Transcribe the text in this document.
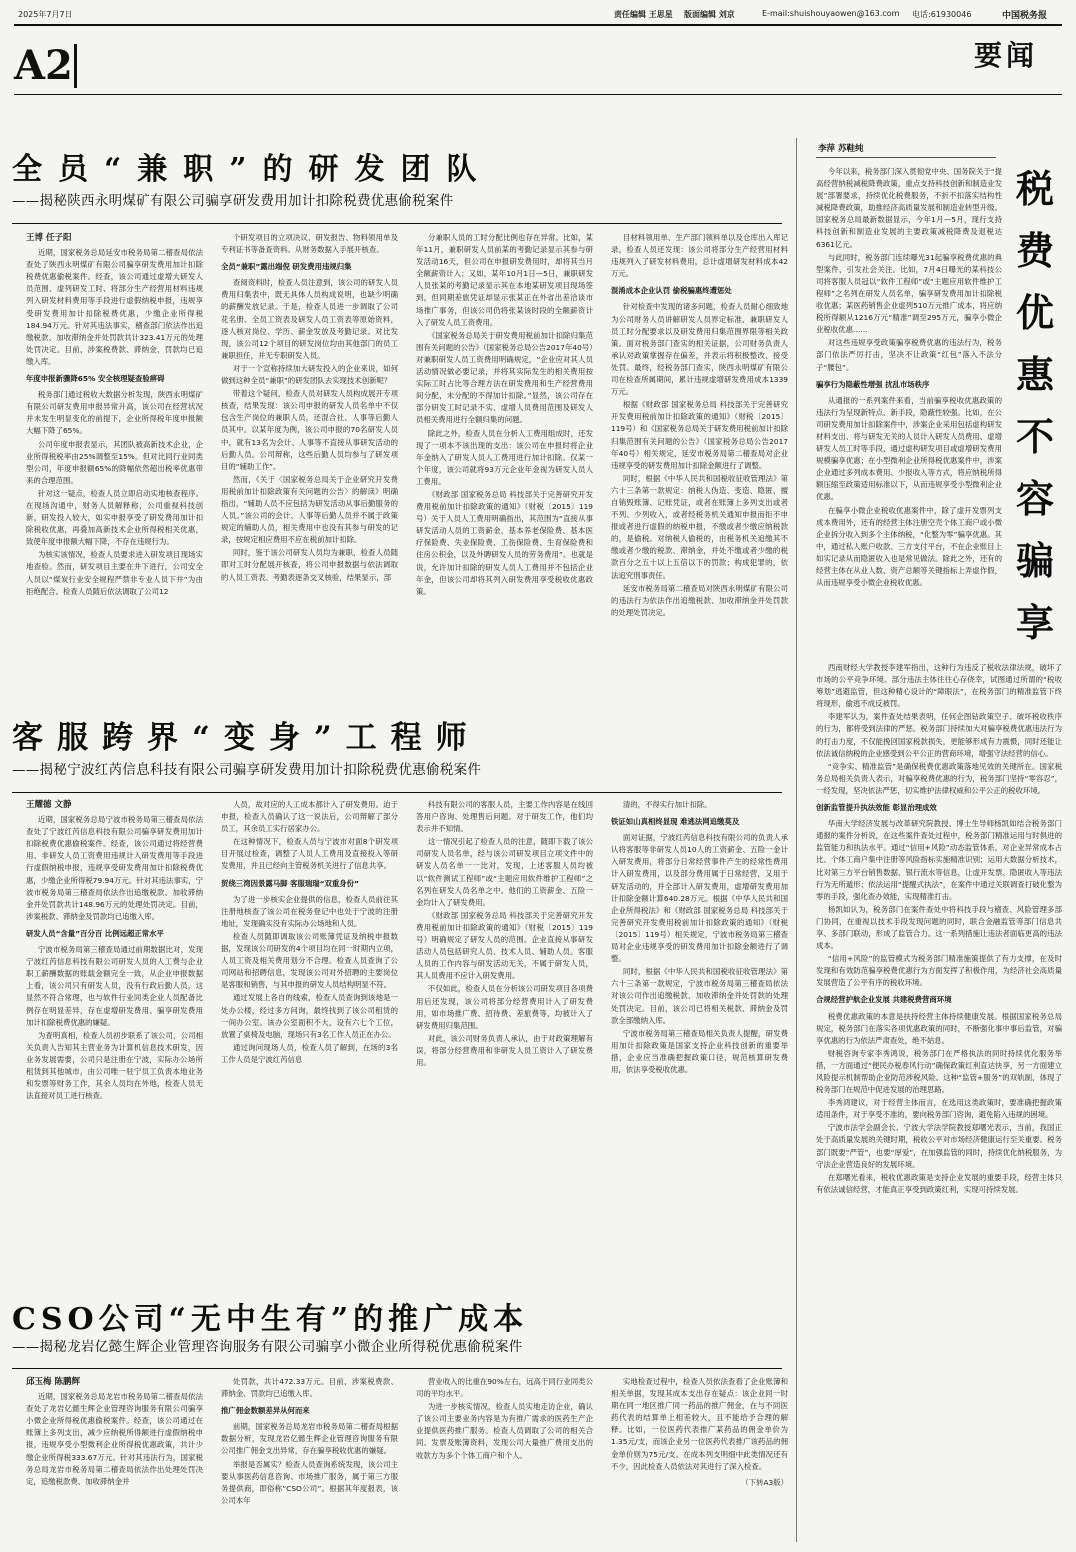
2025年7月7日	责任编辑 王思星 版面编辑 刘京	E-mail:shuishouyaowen@163.com 电话:61930046	中国税务报
A2	要闻
全员“兼职”的研发团队
——揭秘陕西永明煤矿有限公司骗享研发费用加计扣除税费优惠偷税案件
王博 任子阳

近期，国家税务总局延安市税务局第二稽查局依法查处了陕西永明煤矿有限公司骗享研发费用加计扣除税费优惠偷税案件。经查，该公司通过虚增大研发人员范围、虚列研发工时、将部分生产经营用材料违规列入研发材料费用等手段进行虚假纳税申报，违规享受研发费用加计扣除税费优惠，少缴企业所得税184.94万元。针对其违法事实，稽查部门依法作出追缴税款、加收滞纳金并处罚款共计323.41万元的处理处罚决定。目前，涉案税费款、滞纳金、罚款均已追缴入库。

年度申报新骤降65% 安全核理疑查验痹碍

税务部门通过税收大数据分析发现，陕西永明煤矿有限公司研发费用申报异常升高，该公司在经营状况并未发生明显变化的前提下，企业所得税年度申报额大幅下降了65%。

公司年度申报表显示，其团队被高新技术企业，企业所得税税率由25%调整至15%。但对比同行业同类型公司，年度申报额65%的降幅依然超出税率优惠带来的合理范围。

针对这一疑点，检查人员立即启动实地核查程序。在现场沟通中，财务人员解释称，公司重视科技创新，研发投入较大，如实申报享受了研发费用加计扣除税收优惠，再叠加高新技术企业所得税相关优惠，致使年度申报额大幅下降，不存在违规行为。

为核实该情况，检查人员要求进入研发项目现场实地查验。然而，研发项目主要在井下进行，公司安全人员以“煤炭行业安全规程严禁非专业人员下井”为由拒绝配合。检查人员随后依法调取了公司12

个研发项目的立项决议、研发报告、物料领用单及专利证书等备查资料。从财务数据入手展开核查。

全员“兼职”露出端倪 研发费用违规归集

查阅资料时，检查人员注意到，该公司的研发人员费用归集表中，既无具体人员构成说明，也缺少明确的薪酬发放记录。于是，检查人员进一步调取了公司花名册、全员工资表及研发人员工资表等原始资料，逐人核对岗位、学历、薪金发放及考勤记录。对比发现，该公司12个项目的研发岗位均由其他部门的员工兼职担任，并无专职研发人员。

对于一个宣称持续加大研发投入的企业来说，如何做到这种全员“兼职”的研发团队去实现技术创新呢？

带着这个疑问，检查人员对研发人员构成展开专项核查，结果发现：该公司申报的研发人员名单中不仅包含生产岗位的兼职人员，还混合社、人事等后勤人员其中。以某年度为例，该公司申报的70名研发人员中，就有13名为会计、人事等不直接从事研发活动的后勤人员。公司辩称，这些后勤人员均参与了研发项目的“辅助工作”。

然而，《关于〈国家税务总局关于企业研究开发费用税前加计扣除政策有关问题的公告〉的解读》明确指出，“辅助人员不应包括为研发活动从事后勤服务的人员。”该公司的会计、人事等后勤人员并不属于政策规定的辅助人员，相关费用中也没有其参与研发的记录，按规定相应费用不应在税前加计扣除。

同时，鉴于该公司研发人员均为兼职，检查人员随即对工时分配展开核查，将公司申报数据与依法调取的人员工资表、考勤表逐条交叉核验，结果显示，部

分兼职人员的工时分配比例也存在异常。比如，某年11月，兼职研发人员前某的考勤记录显示其参与研发活动16天，但公司在申报研发费用时，却将其当月全额薪资计入；又如，某年10月1日—5日，兼职研发人员张某的考勤记录显示其在本地某研发项目现场签到，但同期差旅凭证却显示张某正在外省出差洽谈市场推广事务，但该公司仍将张某该时段的全额薪资计入了研发人员工资费用。

《国家税务总局关于研发费用税前加计扣除归集范围有关问题的公告》（国家税务总局公告2017年40号）对兼职研发人员工资费用明确规定，“企业应对其人员活动情况做必要记录，并将其实际发生的相关费用按实际工时占比等合理方法在研发费用和生产经营费用间分配，未分配的不得加计扣除。”显然，该公司存在部分研发工时记录不实、虚增人员费用范围及研发人员相关费用进行全额归集的问题。

除此之外，检查人员在分析人工费用组成时，还发现了一项本不该出现的支出：该公司在申报时将企业年金纳入了研发人员人工费用进行加计扣除。仅某一个年度，该公司就将93万元企业年金视为研发人员人工费用。

《财政部 国家税务总局 科技部关于完善研究开发费用税前加计扣除政策的通知》（财税〔2015〕119号）关于人员人工费用明确指出，其范围为“直接从事研发活动人员的工资薪金、基本养老保险费、基本医疗保险费、失业保险费、工伤保险费、生育保险费和住房公积金，以及外聘研发人员的劳务费用”。也就是说，允许加计扣除的研发人员人工费用并不包括企业年金，但该公司却将其列入研发费用享受税收优惠政策。

目材料领用单、生产部门领料单以及仓库出入库记录，检查人员还发现：该公司将部分生产经营用材料违规列入了研发材料费用，总计虚增研发材料成本42万元。

混淆成本企业认罚 偷税骗惠终遭惩处

针对检查中发现的诸多问题，检查人员耐心细致地为公司财务人员讲解研发人员界定标准、兼职研发人员工时分配要求以及研发费用归集范围界限等相关政策。面对税务部门查实的相关证据，公司财务负责人承认对政策掌握存在偏差，并表示将积极整改、接受处罚。最终，经税务部门查实，陕西永明煤矿有限公司在检查所属期间，累计违规虚增研发费用成本1339万元。

根据《财政部 国家税务总局 科技部关于完善研究开发费用税前加计扣除政策的通知》（财税〔2015〕119号）和《国家税务总局关于研发费用税前加计扣除归集范围有关问题的公告》（国家税务总局公告2017年40号）相关规定，延安市税务局第二稽查局对企业违规享受的研发费用加计扣除金额进行了调整。

同时，根据《中华人民共和国税收征收管理法》第六十三条第一款规定：纳税人伪造、变造、隐匿、擅自销毁账簿、记账凭证，或者在账簿上多列支出或者不列、少列收入，或者经税务机关通知申报而拒不申报或者进行虚假的纳税申报，不缴或者少缴应纳税款的，是偷税。对纳税人偷税的，由税务机关追缴其不缴或者少缴的税款、滞纳金，并处不缴或者少缴的税款百分之五十以上五倍以下的罚款；构成犯罪的，依法追究刑事责任。

延安市税务局第二稽查局对陕西永明煤矿有限公司的违法行为依法作出追缴税款、加收滞纳金并处罚款的处理处罚决定。

客服跨界“变身”工程师
——揭秘宁波红芮信息科技有限公司骗享研发费用加计扣除税费优惠偷税案件
王耀德 文静

近期，国家税务总局宁波市税务局第三稽查局依法查处了宁波红芮信息科技有限公司骗享研发费用加计扣除税费优惠偷税案件。经查，该公司通过将经营费用、非研发人员工资费用违规计入研发费用等手段进行虚假纳税申报，违规享受研发费用加计扣除税费优惠，少缴企业所得税79.94万元。针对其违法事实，宁波市税务局第三稽查局依法作出追缴税款、加收滞纳金并处罚款共计148.96万元的处理处罚决定。目前，涉案税款、滞纳金及罚款均已追缴入库。

研发人员“含量”百分百 比例远超正常水平

宁波市税务局第三稽查局通过前期数据比对，发现宁波红芮信息科技有限公司研发人员的人工费与企业职工薪酬数据的账载金额完全一致，从企业申报数据上看，该公司只有研发人员，没有行政后勤人员，这显然不符合常理，也与软件行业同类企业人员配备比例存在明显差异，存在虚增研发费用、骗享研发费用加计扣除税费优惠的嫌疑。

为查明真相，检查人员初步联系了该公司，公司相关负责人告知其主营业务为计算机信息技术研发，因业务发展需要，公司只是注册在宁波，实际办公场所租赁到其他城市，由公司唯一驻宁员工负责本地业务和发票等财务工作，其余人员均在外地，检查人员无法直接对员工进行核查。

人员，故对应的人工成本都计入了研发费用。迫于申报，检查人员确认了这一说法后，公司辩解了部分员工，其余员工实行居家办公。

在这种情况下，检查人员与宁波市对面8个研发项目开展过检查，调整了人员人工费用及直接投入等研发费用，并且已经向主管税务机关进行了信息共享。

贸绕三湾因景露马脚 客服瑞瑞“双重身份”

为了进一步核实企业提供的信息，检查人员前往其注册地核查了该公司在税务登记中也处于宁波的注册地址，发现确实没有实际办公场地和人员。

检查人员随即调取该公司账簿凭证及纳税申报数据，发现该公司研发的4个项目均在同一时期内立项，人员工资及相关费用划分不合理。检查人员查询了公司网站和招聘信息，发现该公司对外招聘的主要岗位是客服和销售，与其申报的研发人员结构明显不符。

通过发展上各自的线索，检查人员查询到该地是一处办公楼，经过多方问询，最终找到了该公司租赁的一间办公室。该办公室面积不大，设有六七个工位，放置了桌椅及电脑，现场只有3名工作人员正在办公。

通过询问现场人员，检查人员了解到，在场的3名工作人员是宁波红芮信息

科技有限公司的客服人员，主要工作内容是在线回答用户咨询、处理售后问题。对于研发工作，他们均表示并不知情。

这一情况引起了检查人员的注意，随即下载了该公司研发人员名单，经与该公司研发项目立项文件中的研发人员名单一一比对，发现，上述客服人员均被以“软件测试工程师”或“主题应用软件维护工程师”之名列在研发人员名单之中。他们的工资薪金、五险一金均计入了研发费用。

《财政部 国家税务总局 科技部关于完善研究开发费用税前加计扣除政策的通知》（财税〔2015〕119号）明确规定了研发人员的范围。企业直接从事研发活动人员包括研究人员、技术人员、辅助人员。客服人员的工作内容与研发活动无关，不属于研发人员，其人员费用不应计入研发费用。

不仅如此，检查人员在分析该公司研发项目各项费用后还发现，该公司将部分经营费用计入了研发费用，如市场推广费、招待费、差旅费等，均被计入了研发费用归集范围。

对此，该公司财务负责人承认，由于对政策理解有误，将部分经营费用和非研发人员工资计入了研发费用。

清的，不得实行加计扣除。

铁证如山真相终显现 难逃法网追缴莫及

面对证据，宁波红芮信息科技有限公司的负责人承认将客服等非研发人员10人的工资薪金、五险一金计入研发费用，将部分日常经营事件产生的经常性费用计入研发费用，以及部分费用属于日常经营，又用于研发活动的，并全部计入研发费用，虚增研发费用加计扣除金额计算640.28万元。根据《中华人民共和国企业所得税法》和《财政部 国家税务总局 科技部关于完善研究开发费用税前加计扣除政策的通知》（财税〔2015〕119号）相关规定，宁波市税务局第三稽查局对企业违规享受的研发费用加计扣除金额进行了调整。

同时，根据《中华人民共和国税收征收管理法》第六十三条第一款规定，宁波市税务局第三稽查局依法对该公司作出追缴税款、加收滞纳金并处罚款的处理处罚决定。目前，该公司已将相关税款、滞纳金及罚款全部缴纳入库。

宁波市税务局第三稽查局相关负责人提醒，研发费用加计扣除政策是国家支持企业科技创新的重要举措，企业应当准确把握政策口径，规范核算研发费用，依法享受税收优惠。

CSO公司“无中生有”的推广成本
——揭秘龙岩亿懿生辉企业管理咨询服务有限公司骗享小微企业所得税优惠偷税案件
邱玉梅 陈鹏辉

近期，国家税务总局龙岩市税务局第二稽查局依法查处了龙岩亿懿生辉企业管理咨询服务有限公司骗享小微企业所得税优惠偷税案件。经查，该公司通过在账簿上多列支出，减少应纳税所得额进行虚假纳税申报，违规享受小型微利企业所得税优惠政策，共计少缴企业所得税333.67万元。针对其违法行为，国家税务总局龙岩市税务局第二稽查局依法作出处理处罚决定，追缴税款费、加收滞纳金并

处罚款，共计472.33万元。目前，涉案税费款、滞纳金、罚款均已追缴入库。

推广佣金数额差异从何而来

前期，国家税务总局龙岩市税务局第二稽查局根据数据分析，发现龙岩亿懿生辉企业管理咨询服务有限公司推广佣金支出异常，存在骗享税收优惠的嫌疑。

举报是否属实？检查人员查询系统发现，该公司主要从事医药信息咨询、市场推广服务，属于第三方服务提供商，即俗称“CSO公司”。根据其年度报表，该公司本年

营业收入的比重在90%左右，远高于同行业同类公司的平均水平。

为进一步核实情况，检查人员实地走访企业，确认了该公司主要业务内容是为有推广需求的医药生产企业提供医药推广服务。检查人员调取了公司的相关合同、发票及账簿资料，发现公司大量推广费用支出的收款方为多个个体工商户和个人。

实地检查过程中，检查人员依法查看了企业账簿和相关单据，发现其成本支出存在疑点：该企业同一时期在同一地区推广同一药品的推广佣金，在与不同医药代表的结算单上相差较大，且不能给予合理的解释。比如，一位医药代表推广某药品的佣金单价为1.35元/支，而该企业另一位医药代表推广该药品的佣金单价则为75元/支。在成本列支明细中此类情况还有不少，因此检查人员依法对其进行了深入检查。

（下转A3版）
李萍 苏鞋纯
税
费
优
惠
不
容
骗
享

今年以来，税务部门深入贯彻党中央、国务院关于“提高经营纳税减税降费政策，重点支持科技创新和制造业发展”部署要求，持续优化税费服务，不折不扣落实结构性减税降费政策，助推经济高质量发展和制造业转型升级。国家税务总局最新数据显示，今年1月—5月，现行支持科技创新和制造业发展的主要政策减税降费及退税达6361亿元。

与此同时，税务部门连续曝光31起骗享税费优惠的典型案件，引发社会关注。比如，7月4日曝光的某科技公司将客服人员冠以“软件工程师”或“主题应用软件维护工程师”之名列在研发人员名单，骗享研发费用加计扣除税收优惠；某医药销售企业虚列510万元推广成本，将应纳税所得额从1216万元“精准”调至295万元，骗享小微企业税收优惠……

对这些违规享受政策骗享税费优惠的违法行为，税务部门依法严厉打击，坚决不让政策“红包”落入不法分子“腰包”。

骗享行为隐蔽性增强 扰乱市场秩序

从通报的一系列案件来看，当前骗享税收优惠政策的违法行为呈现新特点、新手段，隐蔽性较强。比如，在公司研发费用加计扣除案件中，涉案企业采用包括虚构研发材料支出、将与研发无关的人员计入研发人员费用、虚增研发人员工时等手段，通过虚构研发项目或虚增研发费用规模骗享优惠；在小型微利企业所得税优惠案件中，涉案企业通过多列成本费用、少报收入等方式，将应纳税所得额压缩至政策适用标准以下，从而违规享受小型微利企业优惠。

在骗享小微企业税收优惠案件中，除了虚开发票列支成本费用外，还有的经营主体注册空壳个体工商户或小微企业拆分收入到多个主体纳税，“化整为零”骗享优惠。其中，通过私人账户收款、三方支付平台，不在企业账目上如实记录从而隐匿收入也是常见做法。除此之外，还有的经营主体在从业人数、资产总额等关键指标上弄虚作假，从而违规享受小微企业税收优惠。

西南财经大学教授李建军指出，这种行为违反了税收法律法规，破坏了市场的公平竞争环境。部分违法主体往往心存侥幸，试图通过所谓的“税收筹划”逃避监管，但这种精心设计的“障眼法”，在税务部门的精准监管下终将现形，偷逃不成反被罚。

李建军认为，案件查处结果表明，任何企图钻政策空子、破坏税收秩序的行为，都将受到法律的严惩。税务部门持续加大对骗享税费优惠违法行为的打击力度，不仅能挽回国家税款损失，更能够形成有力震慑，同时还能让依法诚信纳税的企业感受到公平公正的营商环境，增强守法经营的信心。

“竞争实、精准监管”是确保税费优惠政策落地见效的关键所在。国家税务总局相关负责人表示，对骗享税费优惠的行为，税务部门坚持“零容忍”，一经发现，坚决依法严惩，切实维护法律权威和公平公正的税收环境。

创新监管提升执法效能 彰显治理成效

华南大学经济发展与改革研究院教授、博士生导师杨凯如结合税务部门通报的案件分析说，在这些案件查处过程中，税务部门精准运用与时俱进的监管能力和执法水平。通过“信用+风险”动态监管体系，对企业异常成本占比、个体工商户集中注册等风险指标实施精准识别；运用大数据分析技术，比对第三方平台销售数据、银行流水等信息，让虚开发票、隐匿收入等违法行为无所遁形；依法运用“提醒式执法”，在案件中通过关联调查打破化整为零的手段，强化查办效能，实现精准打击。

杨凯如认为，税务部门在案件查处中将科技手段与稽查、风险管理多部门协同，在重视以技术手段发现问题的同时，联合金融监管等部门信息共享、多部门联动，形成了监管合力。这一系列措施让违法者面临更高的违法成本。

“信用+风险”的监管模式为税务部门精准施策提供了有力支撑，在及时发现和有效防范骗享税费优惠行为方面发挥了积极作用，为经济社会高质量发展营造了公平有序的税收环境。

合规经营护航企业发展 共建税费营商环境

税费优惠政策的本意是扶持经营主体持续健康发展。根据国家税务总局规定，税务部门在落实各项优惠政策的同时，不断强化事中事后监管，对骗享优惠的行为依法严肃查处，绝不姑息。

财税咨询专家李秀鸿说，税务部门在严格执法的同时持续优化服务举措，一方面通过“便民办税春风行动”确保政策红利直达快享，另一方面建立风险提示机制帮助企业防范涉税风险。这种“监管+服务”的双轨制，体现了税务部门在规范中促进发展的治理思路。

李秀鸿建议，对于经营主体而言，在选用这类政策时，要准确把握政策适用条件，对于享受不准的，要向税务部门咨询，避免陷入违规的困境。

宁波市法学会副会长、宁波大学法学院教授郑曙光表示，当前，我国正处于高质量发展的关键时期，税收公平对市场经济健康运行至关重要。税务部门既要“严管”，也要“厚爱”，在加强监管的同时，持续优化纳税服务，为守法企业营造良好的发展环境。

在郑曙光看来，税收优惠政策是支持企业发展的重要手段，经营主体只有依法诚信经营，才能真正享受到政策红利，实现可持续发展。
